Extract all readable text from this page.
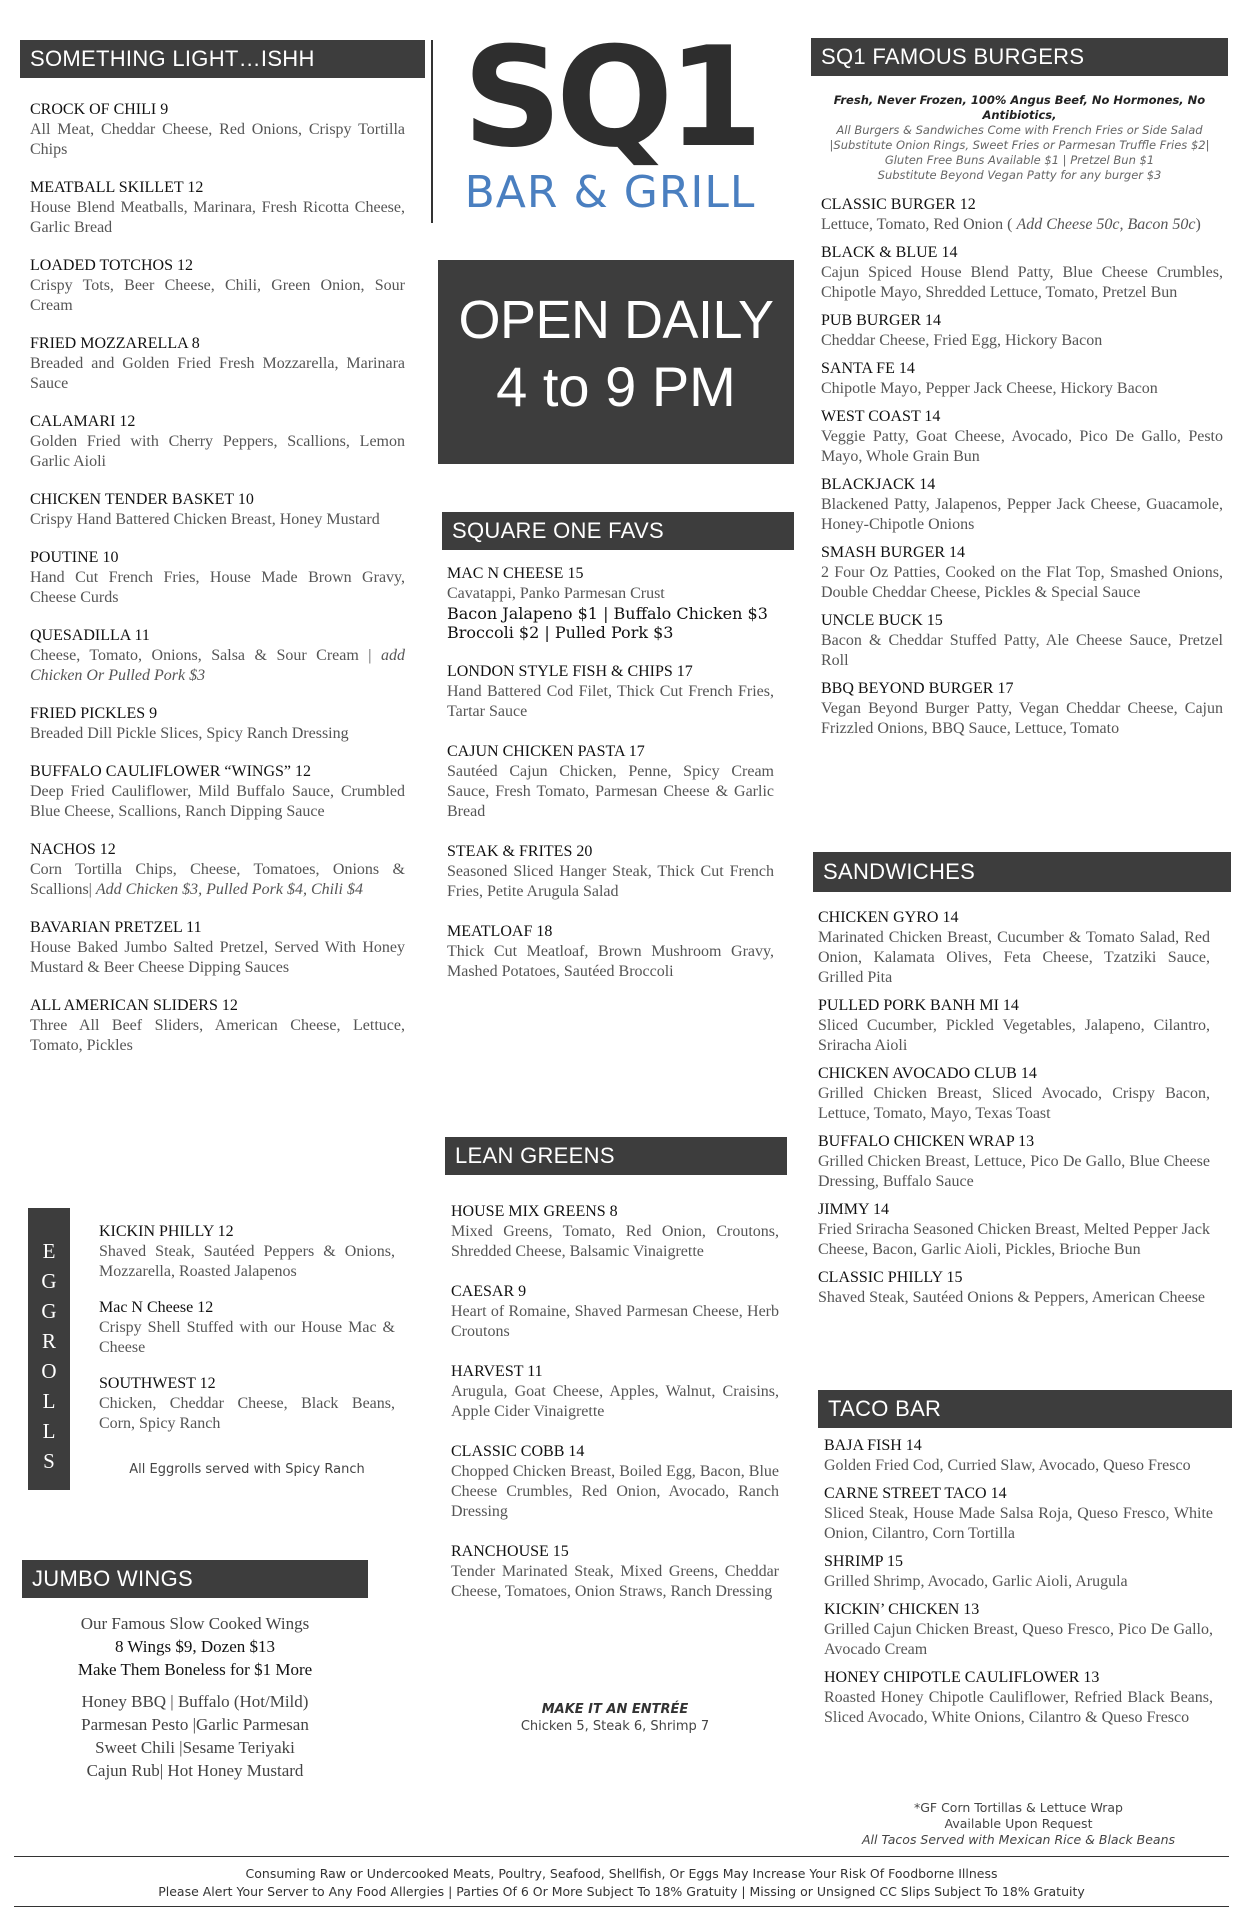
SOMETHING LIGHT…ISHH
CROCK OF CHILI 9
All Meat, Cheddar Cheese, Red Onions, Crispy Tortilla Chips
MEATBALL SKILLET 12
House Blend Meatballs, Marinara, Fresh Ricotta Cheese, Garlic Bread
LOADED TOTCHOS 12
Crispy Tots, Beer Cheese, Chili, Green Onion, Sour Cream
FRIED MOZZARELLA 8
Breaded and Golden Fried Fresh Mozzarella, Marinara Sauce
CALAMARI 12
Golden Fried with Cherry Peppers, Scallions, Lemon Garlic Aioli
CHICKEN TENDER BASKET 10
Crispy Hand Battered Chicken Breast, Honey Mustard
POUTINE 10
Hand Cut French Fries, House Made Brown Gravy, Cheese Curds
QUESADILLA 11
Cheese, Tomato, Onions, Salsa & Sour Cream | add Chicken Or Pulled Pork $3
FRIED PICKLES 9
Breaded Dill Pickle Slices, Spicy Ranch Dressing
BUFFALO CAULIFLOWER “WINGS” 12
Deep Fried Cauliflower, Mild Buffalo Sauce, Crumbled Blue Cheese, Scallions, Ranch Dipping Sauce
NACHOS 12
Corn Tortilla Chips, Cheese, Tomatoes, Onions & Scallions| Add Chicken $3, Pulled Pork $4, Chili $4
BAVARIAN PRETZEL 11
House Baked Jumbo Salted Pretzel, Served With Honey Mustard & Beer Cheese Dipping Sauces
ALL AMERICAN SLIDERS 12
Three All Beef Sliders, American Cheese, Lettuce, Tomato, Pickles
E
G
G
R
O
L
L
S
KICKIN PHILLY 12
Shaved Steak, Sautéed Peppers & Onions, Mozzarella, Roasted Jalapenos
Mac N Cheese 12
Crispy Shell Stuffed with our House Mac & Cheese
SOUTHWEST 12
Chicken, Cheddar Cheese, Black Beans, Corn, Spicy Ranch
All Eggrolls served with Spicy Ranch
JUMBO WINGS
Our Famous Slow Cooked Wings
8 Wings $9, Dozen $13
Make Them Boneless for $1 More
Honey BBQ | Buffalo (Hot/Mild)
Parmesan Pesto |Garlic Parmesan
Sweet Chili |Sesame Teriyaki
Cajun Rub| Hot Honey Mustard
SQ1
BAR & GRILL
OPEN DAILY
4 to 9 PM
SQUARE ONE FAVS
MAC N CHEESE 15
Cavatappi, Panko Parmesan Crust
Bacon Jalapeno $1 | Buffalo Chicken $3 Broccoli $2 | Pulled Pork $3
LONDON STYLE FISH & CHIPS 17
Hand Battered Cod Filet, Thick Cut French Fries, Tartar Sauce
CAJUN CHICKEN PASTA 17
Sautéed Cajun Chicken, Penne, Spicy Cream Sauce, Fresh Tomato, Parmesan Cheese & Garlic Bread
STEAK & FRITES 20
Seasoned Sliced Hanger Steak, Thick Cut French Fries, Petite Arugula Salad
MEATLOAF 18
Thick Cut Meatloaf, Brown Mushroom Gravy, Mashed Potatoes, Sautéed Broccoli
LEAN GREENS
HOUSE MIX GREENS 8
Mixed Greens, Tomato, Red Onion, Croutons, Shredded Cheese, Balsamic Vinaigrette
CAESAR 9
Heart of Romaine, Shaved Parmesan Cheese, Herb Croutons
HARVEST 11
Arugula, Goat Cheese, Apples, Walnut, Craisins, Apple Cider Vinaigrette
CLASSIC COBB 14
Chopped Chicken Breast, Boiled Egg, Bacon, Blue Cheese Crumbles, Red Onion, Avocado, Ranch Dressing
RANCHOUSE 15
Tender Marinated Steak, Mixed Greens, Cheddar Cheese, Tomatoes, Onion Straws, Ranch Dressing
MAKE IT AN ENTRÉE
Chicken 5, Steak 6, Shrimp 7
SQ1 FAMOUS BURGERS
Fresh, Never Frozen, 100% Angus Beef, No Hormones, No Antibiotics,
All Burgers & Sandwiches Come with French Fries or Side Salad
|Substitute Onion Rings, Sweet Fries or Parmesan Truffle Fries $2|
Gluten Free Buns Available $1 | Pretzel Bun $1
Substitute Beyond Vegan Patty for any burger $3
CLASSIC BURGER 12
Lettuce, Tomato, Red Onion ( Add Cheese 50c, Bacon 50c)
BLACK & BLUE 14
Cajun Spiced House Blend Patty, Blue Cheese Crumbles, Chipotle Mayo, Shredded Lettuce, Tomato, Pretzel Bun
PUB BURGER 14
Cheddar Cheese, Fried Egg, Hickory Bacon
SANTA FE 14
Chipotle Mayo, Pepper Jack Cheese, Hickory Bacon
WEST COAST 14
Veggie Patty, Goat Cheese, Avocado, Pico De Gallo, Pesto Mayo, Whole Grain Bun
BLACKJACK 14
Blackened Patty, Jalapenos, Pepper Jack Cheese, Guacamole, Honey-Chipotle Onions
SMASH BURGER 14
2 Four Oz Patties, Cooked on the Flat Top, Smashed Onions, Double Cheddar Cheese, Pickles & Special Sauce
UNCLE BUCK 15
Bacon & Cheddar Stuffed Patty, Ale Cheese Sauce, Pretzel Roll
BBQ BEYOND BURGER 17
Vegan Beyond Burger Patty, Vegan Cheddar Cheese, Cajun Frizzled Onions, BBQ Sauce, Lettuce, Tomato
SANDWICHES
CHICKEN GYRO 14
Marinated Chicken Breast, Cucumber & Tomato Salad, Red Onion, Kalamata Olives, Feta Cheese, Tzatziki Sauce, Grilled Pita
PULLED PORK BANH MI 14
Sliced Cucumber, Pickled Vegetables, Jalapeno, Cilantro, Sriracha Aioli
CHICKEN AVOCADO CLUB 14
Grilled Chicken Breast, Sliced Avocado, Crispy Bacon, Lettuce, Tomato, Mayo, Texas Toast
BUFFALO CHICKEN WRAP 13
Grilled Chicken Breast, Lettuce, Pico De Gallo, Blue Cheese Dressing, Buffalo Sauce
JIMMY 14
Fried Sriracha Seasoned Chicken Breast, Melted Pepper Jack Cheese, Bacon, Garlic Aioli, Pickles, Brioche Bun
CLASSIC PHILLY 15
Shaved Steak, Sautéed Onions & Peppers, American Cheese
TACO BAR
BAJA FISH 14
Golden Fried Cod, Curried Slaw, Avocado, Queso Fresco
CARNE STREET TACO 14
Sliced Steak, House Made Salsa Roja, Queso Fresco, White Onion, Cilantro, Corn Tortilla
SHRIMP 15
Grilled Shrimp, Avocado, Garlic Aioli, Arugula
KICKIN’ CHICKEN 13
Grilled Cajun Chicken Breast, Queso Fresco, Pico De Gallo, Avocado Cream
HONEY CHIPOTLE CAULIFLOWER 13
Roasted Honey Chipotle Cauliflower, Refried Black Beans, Sliced Avocado, White Onions, Cilantro & Queso Fresco
*GF Corn Tortillas & Lettuce Wrap
Available Upon Request
All Tacos Served with Mexican Rice & Black Beans
Consuming Raw or Undercooked Meats, Poultry, Seafood, Shellfish, Or Eggs May Increase Your Risk Of Foodborne Illness
Please Alert Your Server to Any Food Allergies | Parties Of 6 Or More Subject To 18% Gratuity | Missing or Unsigned CC Slips Subject To 18% Gratuity
